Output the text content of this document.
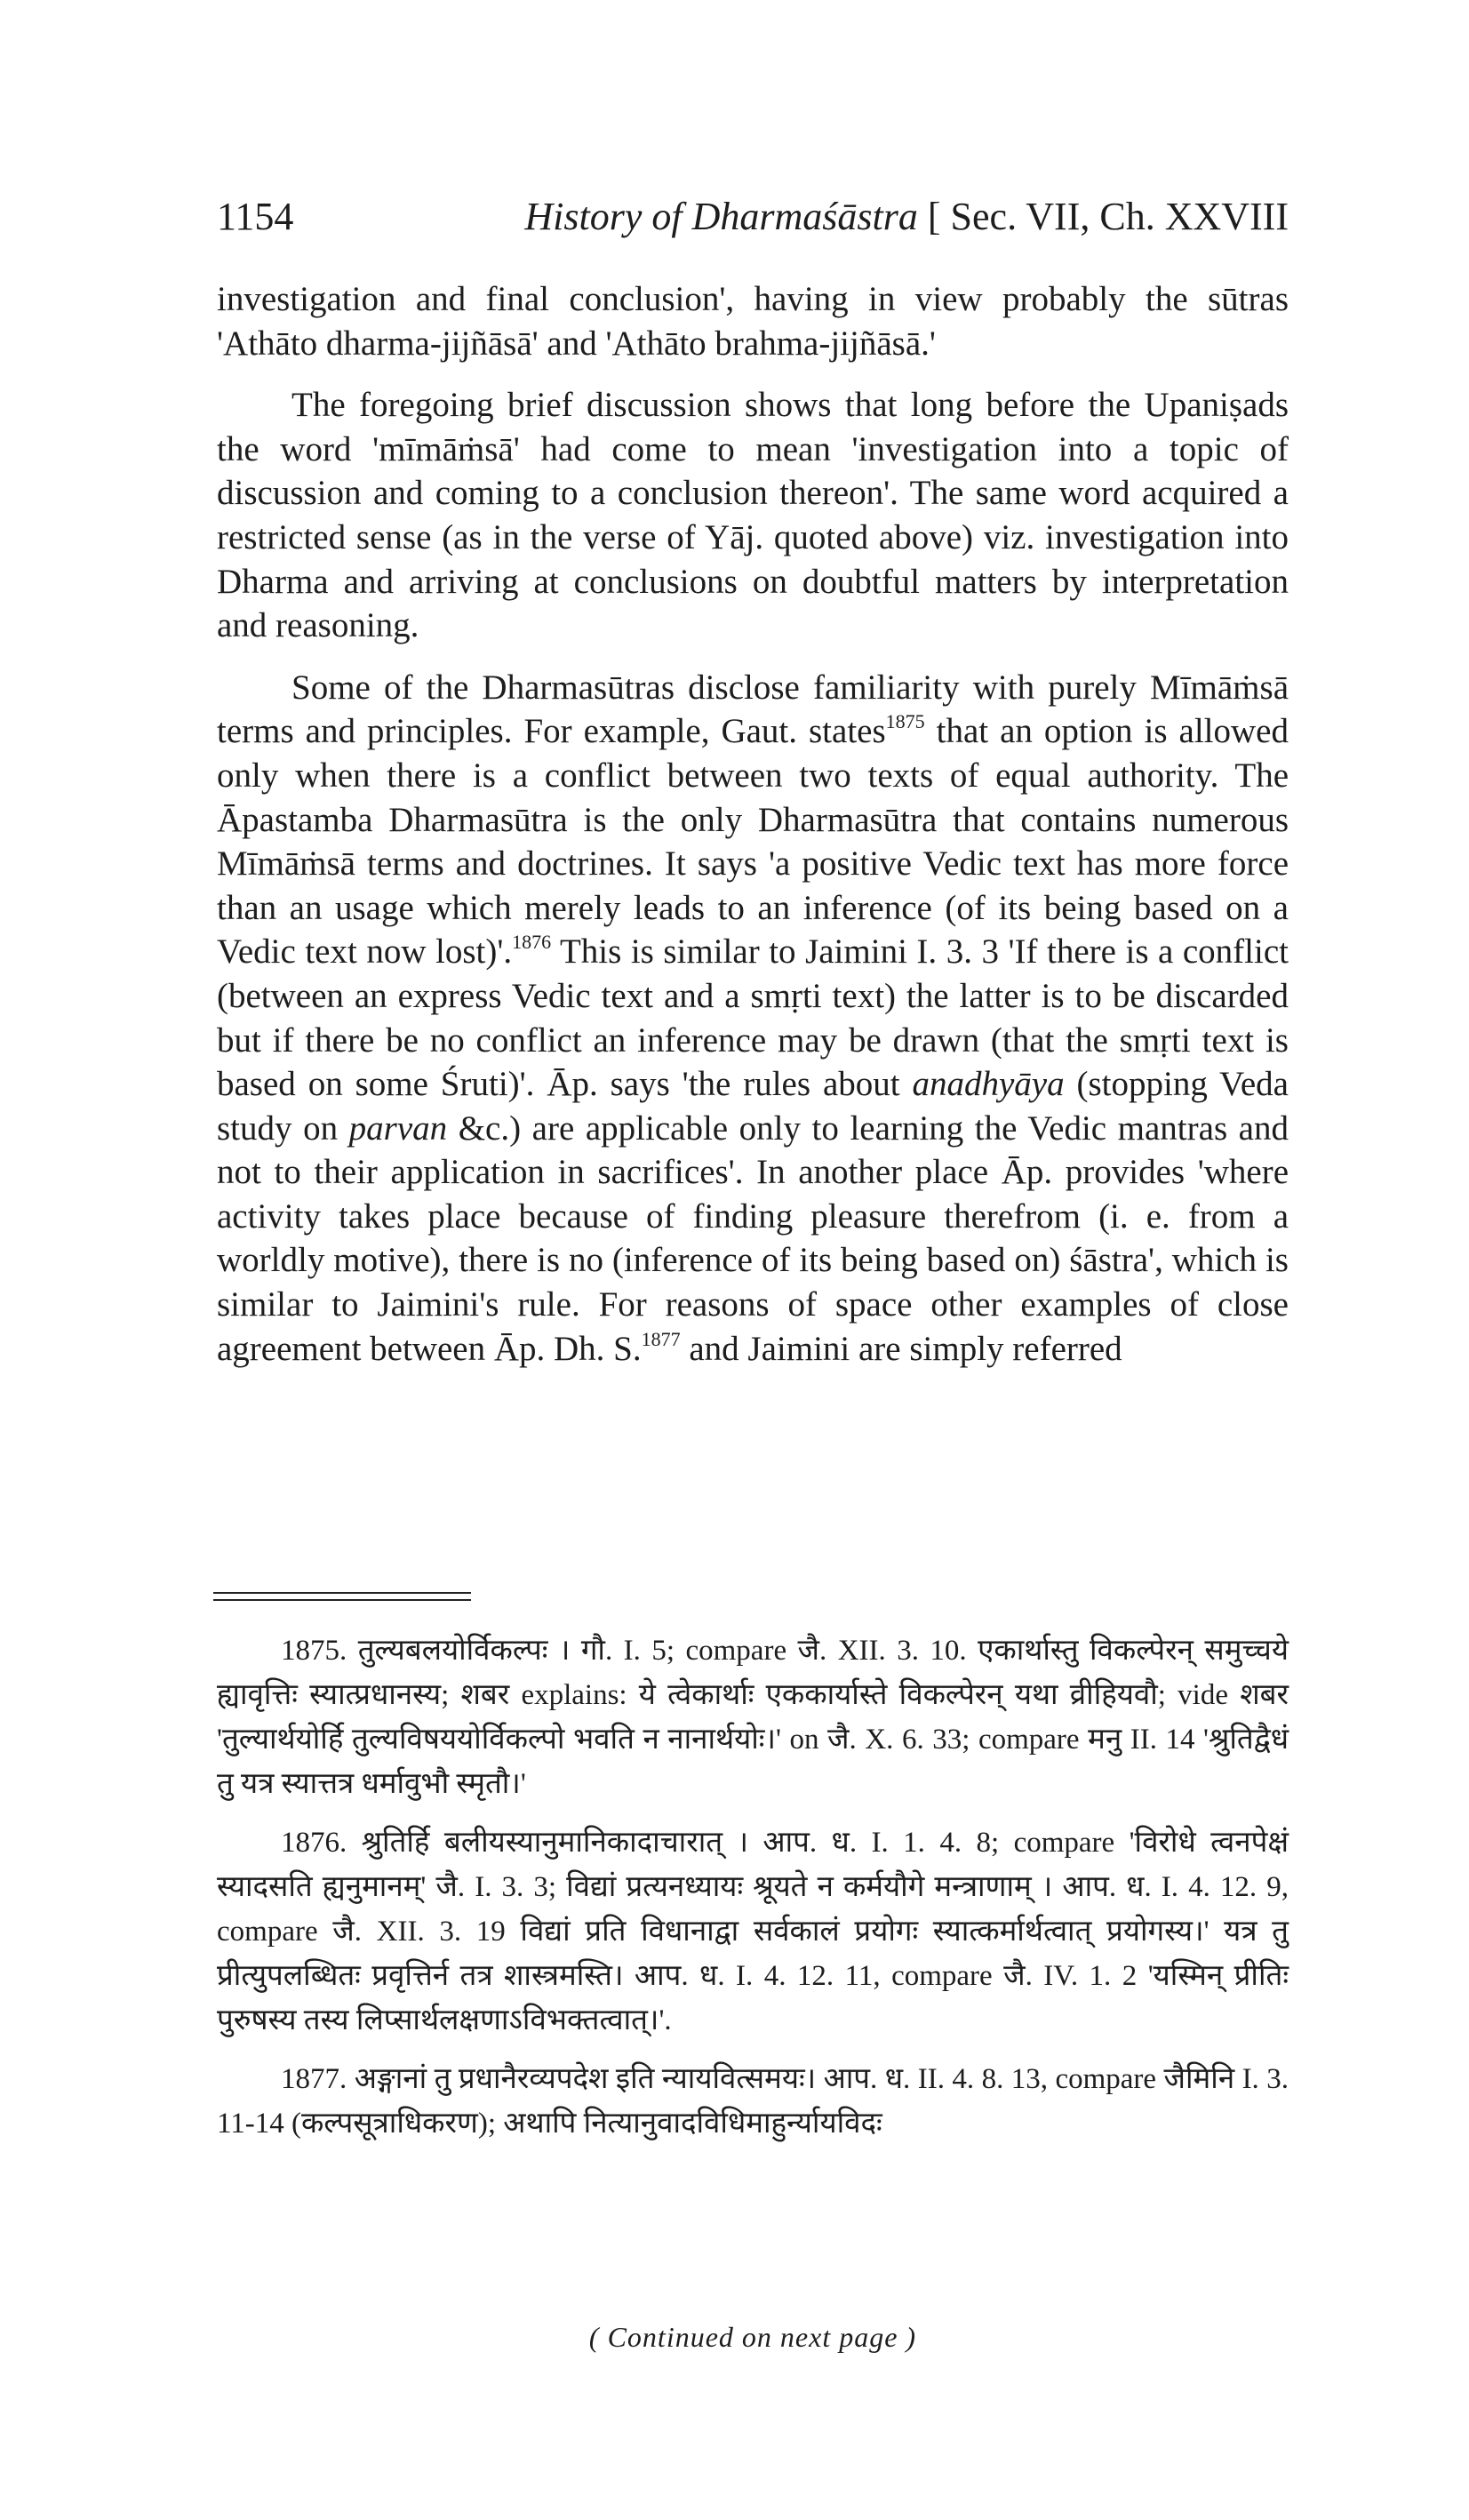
1154	History of Dharmaśāstra [ Sec. VII, Ch. XXVIII

investigation and final conclusion', having in view probably the sūtras 'Athāto dharma-jijñāsā' and 'Athāto brahma-jijñāsā.'

The foregoing brief discussion shows that long before the Upaniṣads the word 'mīmāṁsā' had come to mean 'investigation into a topic of discussion and coming to a conclusion thereon'. The same word acquired a restricted sense (as in the verse of Yāj. quoted above) viz. investigation into Dharma and arriving at conclusions on doubtful matters by interpretation and reasoning.

Some of the Dharmasūtras disclose familiarity with purely Mīmāṁsā terms and principles. For example, Gaut. states$^{1875}$ that an option is allowed only when there is a conflict between two texts of equal authority. The Āpastamba Dharmasūtra is the only Dharmasūtra that contains numerous Mīmāṁsā terms and doctrines. It says 'a positive Vedic text has more force than an usage which merely leads to an inference (of its being based on a Vedic text now lost)'.$^{1876}$ This is similar to Jaimini I. 3. 3 'If there is a conflict (between an express Vedic text and a smṛti text) the latter is to be discarded but if there be no conflict an inference may be drawn (that the smṛti text is based on some Śruti)'. Āp. says 'the rules about anadhyāya (stopping Veda study on parvan &c.) are applicable only to learning the Vedic mantras and not to their application in sacrifices'. In another place Āp. provides 'where activity takes place because of finding pleasure therefrom (i. e. from a worldly motive), there is no (inference of its being based on) śāstra', which is similar to Jaimini's rule. For reasons of space other examples of close agreement between Āp. Dh. S.$^{1877}$ and Jaimini are simply referred

1875. तुल्यबलयोर्विकल्पः । गौ. I. 5; compare जै. XII. 3. 10. एकार्थास्तु विकल्पेरन् समुच्चये ह्यावृत्तिः स्यात्प्रधानस्य; शबर explains: ये त्वेकार्थाः एककार्यास्ते विकल्पेरन् यथा व्रीहियवौ; vide शबर 'तुल्यार्थयोर्हि तुल्यविषययोर्विकल्पो भवति न नानार्थयोः।' on जै. X. 6. 33; compare मनु II. 14 'श्रुतिद्वैधं तु यत्र स्यात्तत्र धर्मावुभौ स्मृतौ।'

1876. श्रुतिर्हि बलीयस्यानुमानिकादाचारात् । आप. ध. I. 1. 4. 8; compare 'विरोधे त्वनपेक्षं स्यादसति ह्यनुमानम्' जै. I. 3. 3; विद्यां प्रत्यनध्यायः श्रूयते न कर्मयौगे मन्त्राणाम् । आप. ध. I. 4. 12. 9, compare जै. XII. 3. 19 विद्यां प्रति विधानाद्वा सर्वकालं प्रयोगः स्यात्कर्मार्थत्वात् प्रयोगस्य।' यत्र तु प्रीत्युपलब्धितः प्रवृत्तिर्न तत्र शास्त्रमस्ति। आप. ध. I. 4. 12. 11, compare जै. IV. 1. 2 'यस्मिन् प्रीतिः पुरुषस्य तस्य लिप्सार्थलक्षणाऽविभक्तत्वात्।'.

1877. अङ्गानां तु प्रधानैरव्यपदेश इति न्यायवित्समयः। आप. ध. II. 4. 8. 13, compare जैमिनि I. 3. 11-14 (कल्पसूत्राधिकरण); अथापि नित्यानुवादविधिमाहुर्न्यायविदः

( Continued on next page )
